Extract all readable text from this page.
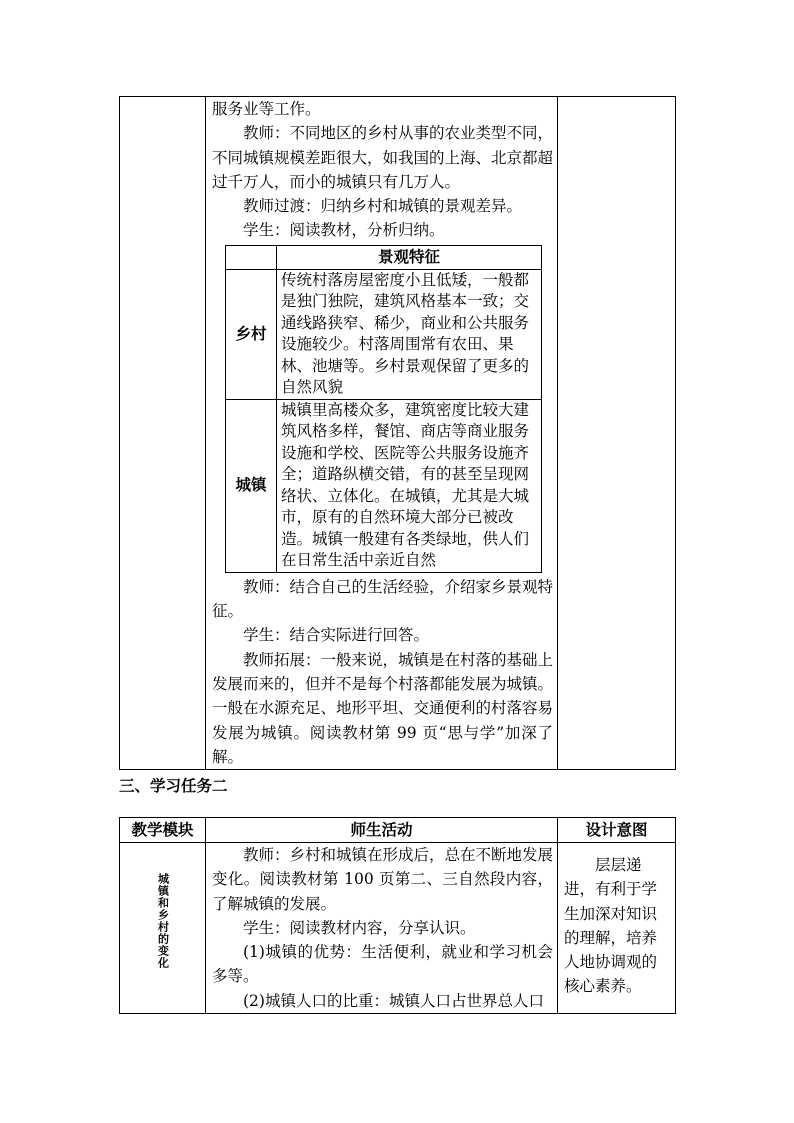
服务业等工作。

教师：不同地区的乡村从事的农业类型不同，不同城镇规模差距很大，如我国的上海、北京都超过千万人，而小的城镇只有几万人。

教师过渡：归纳乡村和城镇的景观差异。

学生：阅读教材，分析归纳。

	景观特征
乡村	传统村落房屋密度小且低矮，一般都是独门独院，建筑风格基本一致；交通线路狭窄、稀少，商业和公共服务设施较少。村落周围常有农田、果林、池塘等。乡村景观保留了更多的自然风貌
城镇	城镇里高楼众多，建筑密度比较大建筑风格多样，餐馆、商店等商业服务设施和学校、医院等公共服务设施齐全；道路纵横交错，有的甚至呈现网络状、立体化。在城镇，尤其是大城市，原有的自然环境大部分已被改造。城镇一般建有各类绿地，供人们在日常生活中亲近自然

教师：结合自己的生活经验，介绍家乡景观特征。

学生：结合实际进行回答。

教师拓展：一般来说，城镇是在村落的基础上发展而来的，但并不是每个村落都能发展为城镇。一般在水源充足、地形平坦、交通便利的村落容易发展为城镇。阅读教材第 99 页“思与学”加深了解。

三、学习任务二
教学模块	师生活动	设计意图

城镇和乡村的变化	教师：乡村和城镇在形成后，总在不断地发展变化。阅读教材第 100 页第二、三自然段内容，了解城镇的发展。

学生：阅读教材内容，分享认识。

(1)城镇的优势：生活便利，就业和学习机会多等。

(2)城镇人口的比重：城镇人口占世界总人口	层层递进，有利于学生加深对知识的理解，培养人地协调观的核心素养。
